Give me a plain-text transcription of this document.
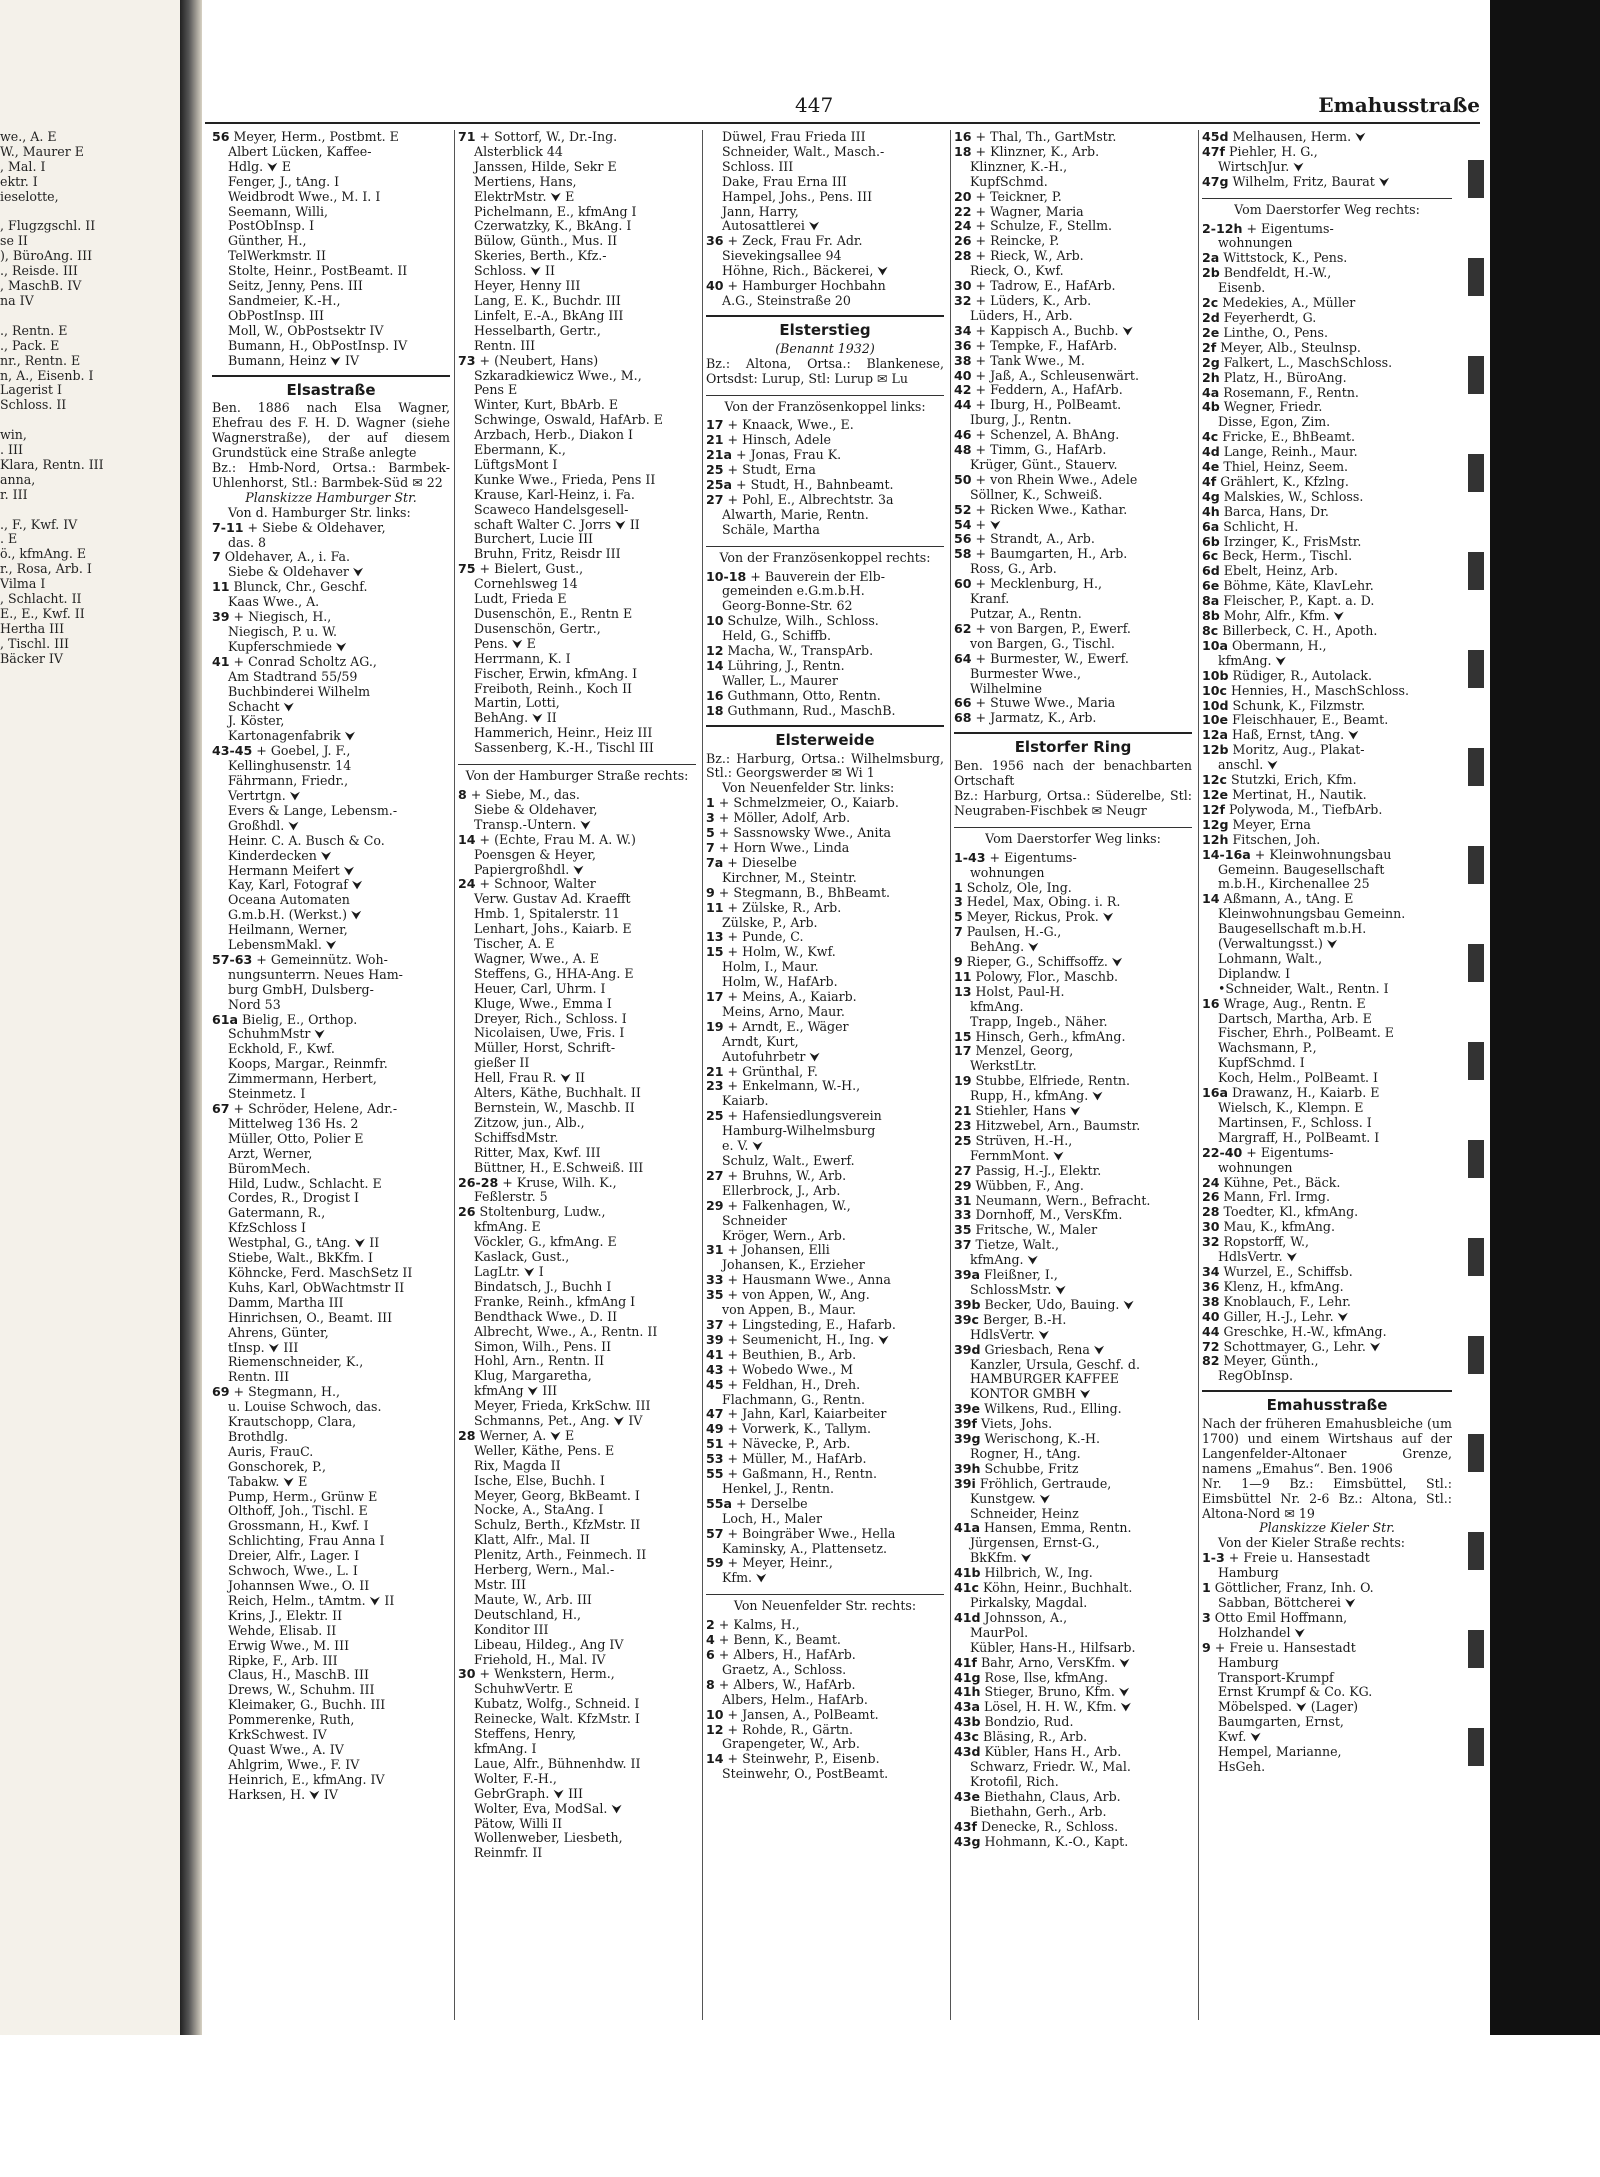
we., A. E
W., Maurer E
, Mal. I
ektr. I
ieselotte,

, Flugzgschl. II
se II
), BüroAng. III
., Reisde. III
, MaschB. IV
na IV

., Rentn. E
., Pack. E
nr., Rentn. E
n, A., Eisenb. I
Lagerist I
Schloss. II

win,
. III
Klara, Rentn. III
anna,
r. III

., F., Kwf. IV
. E
ö., kfmAng. E
r., Rosa, Arb. I
Vilma I
, Schlacht. II
E., E., Kwf. II
Hertha III
, Tischl. III
Bäcker IV
447	Emahusstraße
56 Meyer, Herm., Postbmt. E
Albert Lücken, Kaffee-
Hdlg. ⮟ E
Fenger, J., tAng. I
Weidbrodt Wwe., M. I. I
Seemann, Willi,
PostObInsp. I
Günther, H.,
TelWerkmstr. II
Stolte, Heinr., PostBeamt. II
Seitz, Jenny, Pens. III
Sandmeier, K.-H.,
ObPostInsp. III
Moll, W., ObPostsektr IV
Bumann, H., ObPostInsp. IV
Bumann, Heinz ⮟ IV
Elsastraße
Ben. 1886 nach Elsa Wagner, Ehefrau des F. H. D. Wagner (siehe Wagnerstraße), der auf diesem Grundstück eine Straße anlegte
Bz.: Hmb-Nord, Ortsa.: Barmbek-Uhlenhorst, Stl.: Barmbek-Süd ✉ 22
Planskizze Hamburger Str.
Von d. Hamburger Str. links:
7-11 + Siebe & Oldehaver,
das. 8
7 Oldehaver, A., i. Fa.
Siebe & Oldehaver ⮟
11 Blunck, Chr., Geschf.
Kaas Wwe., A.
39 + Niegisch, H.,
Niegisch, P. u. W.
Kupferschmiede ⮟
41 + Conrad Scholtz AG.,
Am Stadtrand 55/59
Buchbinderei Wilhelm
Schacht ⮟
J. Köster,
Kartonagenfabrik ⮟
43-45 + Goebel, J. F.,
Kellinghusenstr. 14
Fährmann, Friedr.,
Vertrtgn. ⮟
Evers & Lange, Lebensm.-
Großhdl. ⮟
Heinr. C. A. Busch & Co.
Kinderdecken ⮟
Hermann Meifert ⮟
Kay, Karl, Fotograf ⮟
Oceana Automaten
G.m.b.H. (Werkst.) ⮟
Heilmann, Werner,
LebensmMakl. ⮟
57-63 + Gemeinnütz. Woh-
nungsunterrn. Neues Ham-
burg GmbH, Dulsberg-
Nord 53
61a Bielig, E., Orthop.
SchuhmMstr ⮟
Eckhold, F., Kwf.
Koops, Margar., Reinmfr.
Zimmermann, Herbert,
Steinmetz. I
67 + Schröder, Helene, Adr.-
Mittelweg 136 Hs. 2
Müller, Otto, Polier E
Arzt, Werner,
BüromMech.
Hild, Ludw., Schlacht. E
Cordes, R., Drogist I
Gatermann, R.,
KfzSchloss I
Westphal, G., tAng. ⮟ II
Stiebe, Walt., BkKfm. I
Köhncke, Ferd. MaschSetz II
Kuhs, Karl, ObWachtmstr II
Damm, Martha III
Hinrichsen, O., Beamt. III
Ahrens, Günter,
tInsp. ⮟ III
Riemenschneider, K.,
Rentn. III
69 + Stegmann, H.,
u. Louise Schwoch, das.
Krautschopp, Clara,
Brothdlg.
Auris, FrauC.
Gonschorek, P.,
Tabakw. ⮟ E
Pump, Herm., Grünw E
Olthoff, Joh., Tischl. E
Grossmann, H., Kwf. I
Schlichting, Frau Anna I
Dreier, Alfr., Lager. I
Schwoch, Wwe., L. I
Johannsen Wwe., O. II
Reich, Helm., tAmtm. ⮟ II
Krins, J., Elektr. II
Wehde, Elisab. II
Erwig Wwe., M. III
Ripke, F., Arb. III
Claus, H., MaschB. III
Drews, W., Schuhm. III
Kleimaker, G., Buchh. III
Pommerenke, Ruth,
KrkSchwest. IV
Quast Wwe., A. IV
Ahlgrim, Wwe., F. IV
Heinrich, E., kfmAng. IV
Harksen, H. ⮟ IV
71 + Sottorf, W., Dr.-Ing.
Alsterblick 44
Janssen, Hilde, Sekr E
Mertiens, Hans,
ElektrMstr. ⮟ E
Pichelmann, E., kfmAng I
Czerwatzky, K., BkAng. I
Bülow, Günth., Mus. II
Skeries, Berth., Kfz.-
Schloss. ⮟ II
Heyer, Henny III
Lang, E. K., Buchdr. III
Linfelt, E.-A., BkAng III
Hesselbarth, Gertr.,
Rentn. III
73 + (Neubert, Hans)
Szkaradkiewicz Wwe., M.,
Pens E
Winter, Kurt, BbArb. E
Schwinge, Oswald, HafArb. E
Arzbach, Herb., Diakon I
Ebermann, K.,
LüftgsMont I
Kunke Wwe., Frieda, Pens II
Krause, Karl-Heinz, i. Fa.
Scaweco Handelsgesell-
schaft Walter C. Jorrs ⮟ II
Burchert, Lucie III
Bruhn, Fritz, Reisdr III
75 + Bielert, Gust.,
Cornehlsweg 14
Ludt, Frieda E
Dusenschön, E., Rentn E
Dusenschön, Gertr.,
Pens. ⮟ E
Herrmann, K. I
Fischer, Erwin, kfmAng. I
Freiboth, Reinh., Koch II
Martin, Lotti,
BehAng. ⮟ II
Hammerich, Heinr., Heiz III
Sassenberg, K.-H., Tischl III
Von der Hamburger Straße rechts:
8 + Siebe, M., das.
Siebe & Oldehaver,
Transp.-Untern. ⮟
14 + (Echte, Frau M. A. W.)
Poensgen & Heyer,
Papiergroßhdl. ⮟
24 + Schnoor, Walter
Verw. Gustav Ad. Kraefft
Hmb. 1, Spitalerstr. 11
Lenhart, Johs., Kaiarb. E
Tischer, A. E
Wagner, Wwe., A. E
Steffens, G., HHA-Ang. E
Heuer, Carl, Uhrm. I
Kluge, Wwe., Emma I
Dreyer, Rich., Schloss. I
Nicolaisen, Uwe, Fris. I
Müller, Horst, Schrift-
gießer II
Hell, Frau R. ⮟ II
Alters, Käthe, Buchhalt. II
Bernstein, W., Maschb. II
Zitzow, jun., Alb.,
SchiffsdMstr.
Ritter, Max, Kwf. III
Büttner, H., E.Schweiß. III
26-28 + Kruse, Wilh. K.,
Feßlerstr. 5
26 Stoltenburg, Ludw.,
kfmAng. E
Vöckler, G., kfmAng. E
Kaslack, Gust.,
LagLtr. ⮟ I
Bindatsch, J., Buchh I
Franke, Reinh., kfmAng I
Bendthack Wwe., D. II
Albrecht, Wwe., A., Rentn. II
Simon, Wilh., Pens. II
Hohl, Arn., Rentn. II
Klug, Margaretha,
kfmAng ⮟ III
Meyer, Frieda, KrkSchw. III
Schmanns, Pet., Ang. ⮟ IV
28 Werner, A. ⮟ E
Weller, Käthe, Pens. E
Rix, Magda II
Ische, Else, Buchh. I
Meyer, Georg, BkBeamt. I
Nocke, A., StaAng. I
Schulz, Berth., KfzMstr. II
Klatt, Alfr., Mal. II
Plenitz, Arth., Feinmech. II
Herberg, Wern., Mal.-
Mstr. III
Maute, W., Arb. III
Deutschland, H.,
Konditor III
Libeau, Hildeg., Ang IV
Friehold, H., Mal. IV
30 + Wenkstern, Herm.,
SchuhwVertr. E
Kubatz, Wolfg., Schneid. I
Reinecke, Walt. KfzMstr. I
Steffens, Henry,
kfmAng. I
Laue, Alfr., Bühnenhdw. II
Wolter, F.-H.,
GebrGraph. ⮟ III
Wolter, Eva, ModSal. ⮟
Pätow, Willi II
Wollenweber, Liesbeth,
Reinmfr. II
Düwel, Frau Frieda III
Schneider, Walt., Masch.-
Schloss. III
Dake, Frau Erna III
Hampel, Johs., Pens. III
Jann, Harry,
Autosattlerei ⮟
36 + Zeck, Frau Fr. Adr.
Sievekingsallee 94
Höhne, Rich., Bäckerei, ⮟
40 + Hamburger Hochbahn
A.G., Steinstraße 20
Elsterstieg
(Benannt 1932)
Bz.: Altona, Ortsa.: Blankenese, Ortsdst: Lurup, Stl: Lurup ✉ Lu
Von der Französenkoppel links:
17 + Knaack, Wwe., E.
21 + Hinsch, Adele
21a + Jonas, Frau K.
25 + Studt, Erna
25a + Studt, H., Bahnbeamt.
27 + Pohl, E., Albrechtstr. 3a
Alwarth, Marie, Rentn.
Schäle, Martha
Von der Französenkoppel rechts:
10-18 + Bauverein der Elb-
gemeinden e.G.m.b.H.
Georg-Bonne-Str. 62
10 Schulze, Wilh., Schloss.
Held, G., Schiffb.
12 Macha, W., TranspArb.
14 Lühring, J., Rentn.
Waller, L., Maurer
16 Guthmann, Otto, Rentn.
18 Guthmann, Rud., MaschB.
Elsterweide
Bz.: Harburg, Ortsa.: Wilhelmsburg, Stl.: Georgswerder ✉ Wi 1
Von Neuenfelder Str. links:
1 + Schmelzmeier, O., Kaiarb.
3 + Möller, Adolf, Arb.
5 + Sassnowsky Wwe., Anita
7 + Horn Wwe., Linda
7a + Dieselbe
Kirchner, M., Steintr.
9 + Stegmann, B., BhBeamt.
11 + Zülske, R., Arb.
Zülske, P., Arb.
13 + Punde, C.
15 + Holm, W., Kwf.
Holm, I., Maur.
Holm, W., HafArb.
17 + Meins, A., Kaiarb.
Meins, Arno, Maur.
19 + Arndt, E., Wäger
Arndt, Kurt,
Autofuhrbetr ⮟
21 + Grünthal, F.
23 + Enkelmann, W.-H.,
Kaiarb.
25 + Hafensiedlungsverein
Hamburg-Wilhelmsburg
e. V. ⮟
Schulz, Walt., Ewerf.
27 + Bruhns, W., Arb.
Ellerbrock, J., Arb.
29 + Falkenhagen, W.,
Schneider
Kröger, Wern., Arb.
31 + Johansen, Elli
Johansen, K., Erzieher
33 + Hausmann Wwe., Anna
35 + von Appen, W., Ang.
von Appen, B., Maur.
37 + Lingsteding, E., Hafarb.
39 + Seumenicht, H., Ing. ⮟
41 + Beuthien, B., Arb.
43 + Wobedo Wwe., M
45 + Feldhan, H., Dreh.
Flachmann, G., Rentn.
47 + Jahn, Karl, Kaiarbeiter
49 + Vorwerk, K., Tallym.
51 + Nävecke, P., Arb.
53 + Müller, M., HafArb.
55 + Gaßmann, H., Rentn.
Henkel, J., Rentn.
55a + Derselbe
Loch, H., Maler
57 + Boingräber Wwe., Hella
Kaminsky, A., Plattensetz.
59 + Meyer, Heinr.,
Kfm. ⮟
Von Neuenfelder Str. rechts:
2 + Kalms, H.,
4 + Benn, K., Beamt.
6 + Albers, H., HafArb.
Graetz, A., Schloss.
8 + Albers, W., HafArb.
Albers, Helm., HafArb.
10 + Jansen, A., PolBeamt.
12 + Rohde, R., Gärtn.
Grapengeter, W., Arb.
14 + Steinwehr, P., Eisenb.
Steinwehr, O., PostBeamt.
16 + Thal, Th., GartMstr.
18 + Klinzner, K., Arb.
Klinzner, K.-H.,
KupfSchmd.
20 + Teickner, P.
22 + Wagner, Maria
24 + Schulze, F., Stellm.
26 + Reincke, P.
28 + Rieck, W., Arb.
Rieck, O., Kwf.
30 + Tadrow, E., HafArb.
32 + Lüders, K., Arb.
Lüders, H., Arb.
34 + Kappisch A., Buchb. ⮟
36 + Tempke, F., HafArb.
38 + Tank Wwe., M.
40 + Jaß, A., Schleusenwärt.
42 + Feddern, A., HafArb.
44 + Iburg, H., PolBeamt.
Iburg, J., Rentn.
46 + Schenzel, A. BhAng.
48 + Timm, G., HafArb.
Krüger, Günt., Stauerv.
50 + von Rhein Wwe., Adele
Söllner, K., Schweiß.
52 + Ricken Wwe., Kathar.
54 + ⮟
56 + Strandt, A., Arb.
58 + Baumgarten, H., Arb.
Ross, G., Arb.
60 + Mecklenburg, H.,
Kranf.
Putzar, A., Rentn.
62 + von Bargen, P., Ewerf.
von Bargen, G., Tischl.
64 + Burmester, W., Ewerf.
Burmester Wwe.,
Wilhelmine
66 + Stuwe Wwe., Maria
68 + Jarmatz, K., Arb.
Elstorfer Ring
Ben. 1956 nach der benachbarten Ortschaft
Bz.: Harburg, Ortsa.: Süderelbe, Stl: Neugraben-Fischbek ✉ Neugr
Vom Daerstorfer Weg links:
1-43 + Eigentums-
wohnungen
1 Scholz, Ole, Ing.
3 Hedel, Max, Obing. i. R.
5 Meyer, Rickus, Prok. ⮟
7 Paulsen, H.-G.,
BehAng. ⮟
9 Rieper, G., Schiffsoffz. ⮟
11 Polowy, Flor., Maschb.
13 Holst, Paul-H.
kfmAng.
Trapp, Ingeb., Näher.
15 Hinsch, Gerh., kfmAng.
17 Menzel, Georg,
WerkstLtr.
19 Stubbe, Elfriede, Rentn.
Rupp, H., kfmAng. ⮟
21 Stiehler, Hans ⮟
23 Hitzwebel, Arn., Baumstr.
25 Strüven, H.-H.,
FernmMont. ⮟
27 Passig, H.-J., Elektr.
29 Wübben, F., Ang.
31 Neumann, Wern., Befracht.
33 Dornhoff, M., VersKfm.
35 Fritsche, W., Maler
37 Tietze, Walt.,
kfmAng. ⮟
39a Fleißner, I.,
SchlossMstr. ⮟
39b Becker, Udo, Bauing. ⮟
39c Berger, B.-H.
HdlsVertr. ⮟
39d Griesbach, Rena ⮟
Kanzler, Ursula, Geschf. d.
HAMBURGER KAFFEE
KONTOR GMBH ⮟
39e Wilkens, Rud., Elling.
39f Viets, Johs.
39g Werischong, K.-H.
Rogner, H., tAng.
39h Schubbe, Fritz
39i Fröhlich, Gertraude,
Kunstgew. ⮟
Schneider, Heinz
41a Hansen, Emma, Rentn.
Jürgensen, Ernst-G.,
BkKfm. ⮟
41b Hilbrich, W., Ing.
41c Köhn, Heinr., Buchhalt.
Pirkalsky, Magdal.
41d Johnsson, A.,
MaurPol.
Kübler, Hans-H., Hilfsarb.
41f Bahr, Arno, VersKfm. ⮟
41g Rose, Ilse, kfmAng.
41h Stieger, Bruno, Kfm. ⮟
43a Lösel, H. H. W., Kfm. ⮟
43b Bondzio, Rud.
43c Bläsing, R., Arb.
43d Kübler, Hans H., Arb.
Schwarz, Friedr. W., Mal.
Krotofil, Rich.
43e Biethahn, Claus, Arb.
Biethahn, Gerh., Arb.
43f Denecke, R., Schloss.
43g Hohmann, K.-O., Kapt.
45d Melhausen, Herm. ⮟
47f Piehler, H. G.,
WirtschJur. ⮟
47g Wilhelm, Fritz, Baurat ⮟
Vom Daerstorfer Weg rechts:
2-12h + Eigentums-
wohnungen
2a Wittstock, K., Pens.
2b Bendfeldt, H.-W.,
Eisenb.
2c Medekies, A., Müller
2d Feyerherdt, G.
2e Linthe, O., Pens.
2f Meyer, Alb., Steulnsp.
2g Falkert, L., MaschSchloss.
2h Platz, H., BüroAng.
4a Rosemann, F., Rentn.
4b Wegner, Friedr.
Disse, Egon, Zim.
4c Fricke, E., BhBeamt.
4d Lange, Reinh., Maur.
4e Thiel, Heinz, Seem.
4f Grählert, K., Kfzlng.
4g Malskies, W., Schloss.
4h Barca, Hans, Dr.
6a Schlicht, H.
6b Irzinger, K., FrisMstr.
6c Beck, Herm., Tischl.
6d Ebelt, Heinz, Arb.
6e Böhme, Käte, KlavLehr.
8a Fleischer, P., Kapt. a. D.
8b Mohr, Alfr., Kfm. ⮟
8c Billerbeck, C. H., Apoth.
10a Obermann, H.,
kfmAng. ⮟
10b Rüdiger, R., Autolack.
10c Hennies, H., MaschSchloss.
10d Schunk, K., Filzmstr.
10e Fleischhauer, E., Beamt.
12a Haß, Ernst, tAng. ⮟
12b Moritz, Aug., Plakat-
anschl. ⮟
12c Stutzki, Erich, Kfm.
12e Mertinat, H., Nautik.
12f Polywoda, M., TiefbArb.
12g Meyer, Erna
12h Fitschen, Joh.
14-16a + Kleinwohnungsbau
Gemeinn. Baugesellschaft
m.b.H., Kirchenallee 25
14 Aßmann, A., tAng. E
Kleinwohnungsbau Gemeinn.
Baugesellschaft m.b.H.
(Verwaltungsst.) ⮟
Lohmann, Walt.,
Diplandw. I
•Schneider, Walt., Rentn. I
16 Wrage, Aug., Rentn. E
Dartsch, Martha, Arb. E
Fischer, Ehrh., PolBeamt. E
Wachsmann, P.,
KupfSchmd. I
Koch, Helm., PolBeamt. I
16a Drawanz, H., Kaiarb. E
Wielsch, K., Klempn. E
Martinsen, F., Schloss. I
Margraff, H., PolBeamt. I
22-40 + Eigentums-
wohnungen
24 Kühne, Pet., Bäck.
26 Mann, Frl. Irmg.
28 Toedter, Kl., kfmAng.
30 Mau, K., kfmAng.
32 Ropstorff, W.,
HdlsVertr. ⮟
34 Wurzel, E., Schiffsb.
36 Klenz, H., kfmAng.
38 Knoblauch, F., Lehr.
40 Giller, H.-J., Lehr. ⮟
44 Greschke, H.-W., kfmAng.
72 Schottmayer, G., Lehr. ⮟
82 Meyer, Günth.,
RegObInsp.
Emahusstraße
Nach der früheren Emahusbleiche (um 1700) und einem Wirtshaus auf der Langenfelder-Altonaer Grenze, namens „Emahus“. Ben. 1906
Nr. 1—9 Bz.: Eimsbüttel, Stl.: Eimsbüttel Nr. 2-6 Bz.: Altona, Stl.: Altona-Nord ✉ 19
Planskizze Kieler Str.
Von der Kieler Straße rechts:
1-3 + Freie u. Hansestadt
Hamburg
1 Göttlicher, Franz, Inh. O.
Sabban, Böttcherei ⮟
3 Otto Emil Hoffmann,
Holzhandel ⮟
9 + Freie u. Hansestadt
Hamburg
Transport-Krumpf
Ernst Krumpf & Co. KG.
Möbelsped. ⮟ (Lager)
Baumgarten, Ernst,
Kwf. ⮟
Hempel, Marianne,
HsGeh.
